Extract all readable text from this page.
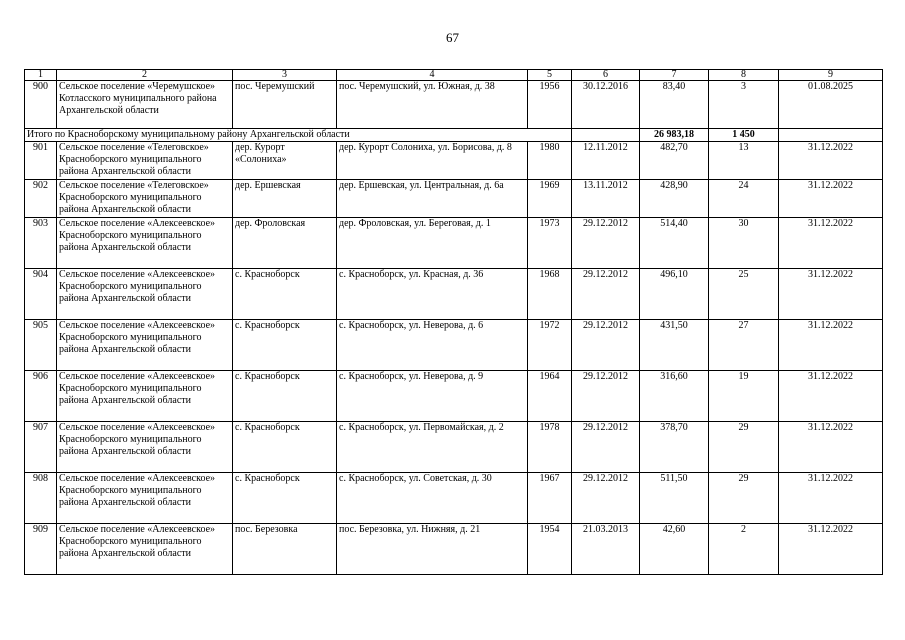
67
1	2	3	4	5	6	7	8	9
900	Сельское поселение «Черемушское» Котласского муниципального района Архангельской области	пос. Черемушский	пос. Черемушский, ул. Южная, д. 38	1956	30.12.2016	83,40	3	01.08.2025
Итого по Красноборскому муниципальному району Архангельской области						26 983,18	1 450	
901	Сельское поселение «Телеговское» Красноборского муниципального района Архангельской области	дер. Курорт «Солониха»	дер. Курорт Солониха, ул. Борисова, д. 8	1980	12.11.2012	482,70	13	31.12.2022
902	Сельское поселение «Телеговское» Красноборского муниципального района Архангельской области	дер. Ершевская	дер. Ершевская, ул. Центральная, д. 6а	1969	13.11.2012	428,90	24	31.12.2022
903	Сельское поселение «Алексеевское» Красноборского муниципального района Архангельской области	дер. Фроловская	дер. Фроловская, ул. Береговая, д. 1	1973	29.12.2012	514,40	30	31.12.2022
904	Сельское поселение «Алексеевское» Красноборского муниципального района Архангельской области	с. Красноборск	с. Красноборск, ул. Красная, д. 36	1968	29.12.2012	496,10	25	31.12.2022
905	Сельское поселение «Алексеевское» Красноборского муниципального района Архангельской области	с. Красноборск	с. Красноборск, ул. Неверова, д. 6	1972	29.12.2012	431,50	27	31.12.2022
906	Сельское поселение «Алексеевское» Красноборского муниципального района Архангельской области	с. Красноборск	с. Красноборск, ул. Неверова, д. 9	1964	29.12.2012	316,60	19	31.12.2022
907	Сельское поселение «Алексеевское» Красноборского муниципального района Архангельской области	с. Красноборск	с. Красноборск, ул. Первомайская, д. 2	1978	29.12.2012	378,70	29	31.12.2022
908	Сельское поселение «Алексеевское» Красноборского муниципального района Архангельской области	с. Красноборск	с. Красноборск, ул. Советская, д. 30	1967	29.12.2012	511,50	29	31.12.2022
909	Сельское поселение «Алексеевское» Красноборского муниципального района Архангельской области	пос. Березовка	пос. Березовка, ул. Нижняя, д. 21	1954	21.03.2013	42,60	2	31.12.2022
